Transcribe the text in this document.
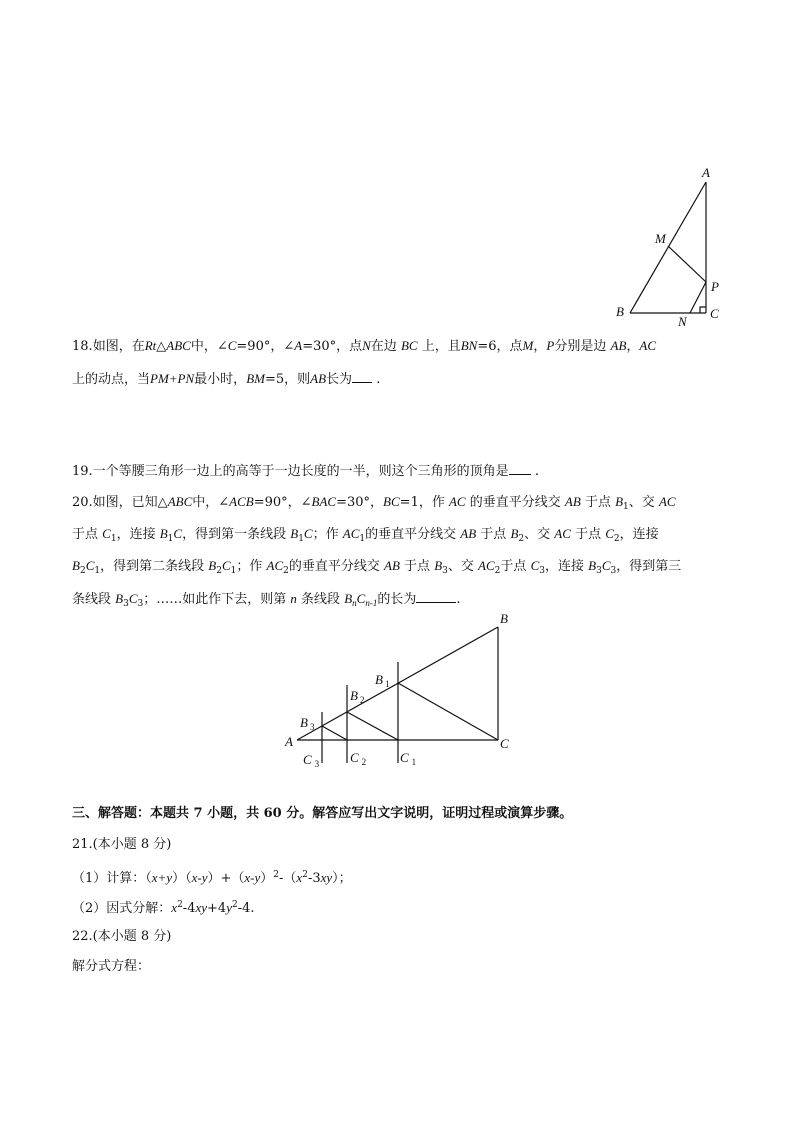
A
M
P
B
N
C
A
B
C
B $_1$
B $_2$
B $_3$
C $_1$
C $_2$
C $_3$
18.如图，在Rt△ABC中，∠C=90°，∠A=30°，点N在边 BC 上，且BN=6，点M，P分别是边 AB，AC
上的动点，当PM+PN最小时，BM=5，则AB长为 .
19.一个等腰三角形一边上的高等于一边长度的一半，则这个三角形的顶角是 .
20.如图，已知△ABC中，∠ACB=90°，∠BAC=30°，BC=1，作 AC 的垂直平分线交 AB 于点 $B_1$、交 AC
于点 $C_1$，连接 $B_1C$，得到第一条线段 $B_1C$；作 $AC_1$的垂直平分线交 AB 于点 $B_2$、交 AC 于点 $C_2$，连接
$B_2C_1$，得到第二条线段 $B_2C_1$；作 $AC_2$的垂直平分线交 AB 于点 $B_3$、交 $AC_2$于点 $C_3$，连接 $B_3C_3$，得到第三
条线段 $B_3C_3$；……如此作下去，则第 n 条线段 $B_nC_{n-1}$的长为	.
三、解答题：本题共 7 小题，共 60 分。解答应写出文字说明，证明过程或演算步骤。
21.(本小题 8 分)
（1）计算：$(x+y)(x-y)+(x-y)^2-(x^2-3xy)$；
（2）因式分解：$x^2-4xy+4y^2-4$.
22.(本小题 8 分)
解分式方程：
